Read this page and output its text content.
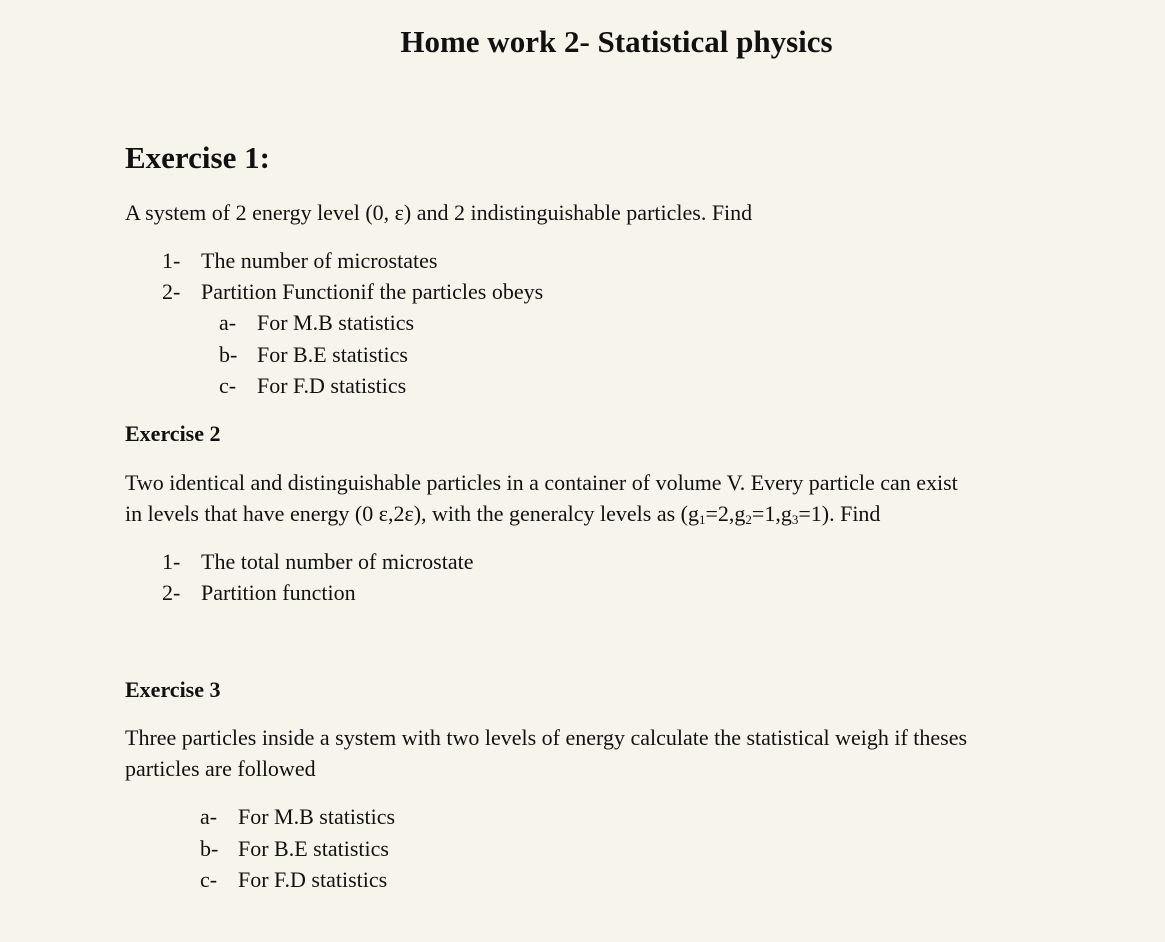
Home work 2- Statistical physics
Exercise 1:
A system of 2 energy level (0, ε) and 2 indistinguishable particles. Find
1- The number of microstates
2- Partition Functionif the particles obeys
a- For M.B statistics
b- For B.E statistics
c- For F.D statistics
Exercise 2
Two identical and distinguishable particles in a container of volume V. Every particle can exist
in levels that have energy (0 ε,2ε), with the generalcy levels as $(g_1=2,g_2=1,g_3=1)$. Find
1- The total number of microstate
2- Partition function
Exercise 3
Three particles inside a system with two levels of energy calculate the statistical weigh if theses
particles are followed
a- For M.B statistics
b- For B.E statistics
c- For F.D statistics
